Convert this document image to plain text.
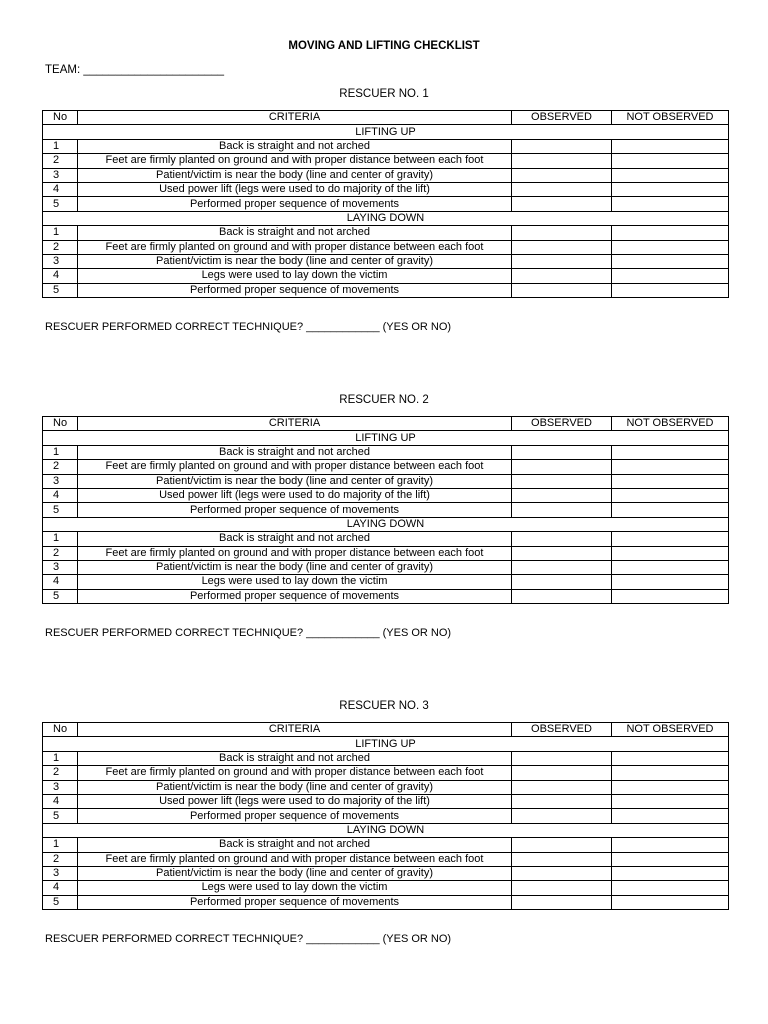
MOVING AND LIFTING CHECKLIST
TEAM: ______________________
RESCUER NO. 1
No	CRITERIA	OBSERVED	NOT OBSERVED
LIFTING UP			
1	Back is straight and not arched		
2	Feet are firmly planted on ground and with proper distance between each foot		
3	Patient/victim is near the body (line and center of gravity)		
4	Used power lift (legs were used to do majority of the lift)		
5	Performed proper sequence of movements		
LAYING DOWN			
1	Back is straight and not arched		
2	Feet are firmly planted on ground and with proper distance between each foot		
3	Patient/victim is near the body (line and center of gravity)		
4	Legs were used to lay down the victim		
5	Performed proper sequence of movements		
RESCUER PERFORMED CORRECT TECHNIQUE? ____________ (YES OR NO)
RESCUER NO. 2
No	CRITERIA	OBSERVED	NOT OBSERVED
LIFTING UP			
1	Back is straight and not arched		
2	Feet are firmly planted on ground and with proper distance between each foot		
3	Patient/victim is near the body (line and center of gravity)		
4	Used power lift (legs were used to do majority of the lift)		
5	Performed proper sequence of movements		
LAYING DOWN			
1	Back is straight and not arched		
2	Feet are firmly planted on ground and with proper distance between each foot		
3	Patient/victim is near the body (line and center of gravity)		
4	Legs were used to lay down the victim		
5	Performed proper sequence of movements		
RESCUER PERFORMED CORRECT TECHNIQUE? ____________ (YES OR NO)
RESCUER NO. 3
No	CRITERIA	OBSERVED	NOT OBSERVED
LIFTING UP			
1	Back is straight and not arched		
2	Feet are firmly planted on ground and with proper distance between each foot		
3	Patient/victim is near the body (line and center of gravity)		
4	Used power lift (legs were used to do majority of the lift)		
5	Performed proper sequence of movements		
LAYING DOWN			
1	Back is straight and not arched		
2	Feet are firmly planted on ground and with proper distance between each foot		
3	Patient/victim is near the body (line and center of gravity)		
4	Legs were used to lay down the victim		
5	Performed proper sequence of movements		
RESCUER PERFORMED CORRECT TECHNIQUE? ____________ (YES OR NO)
